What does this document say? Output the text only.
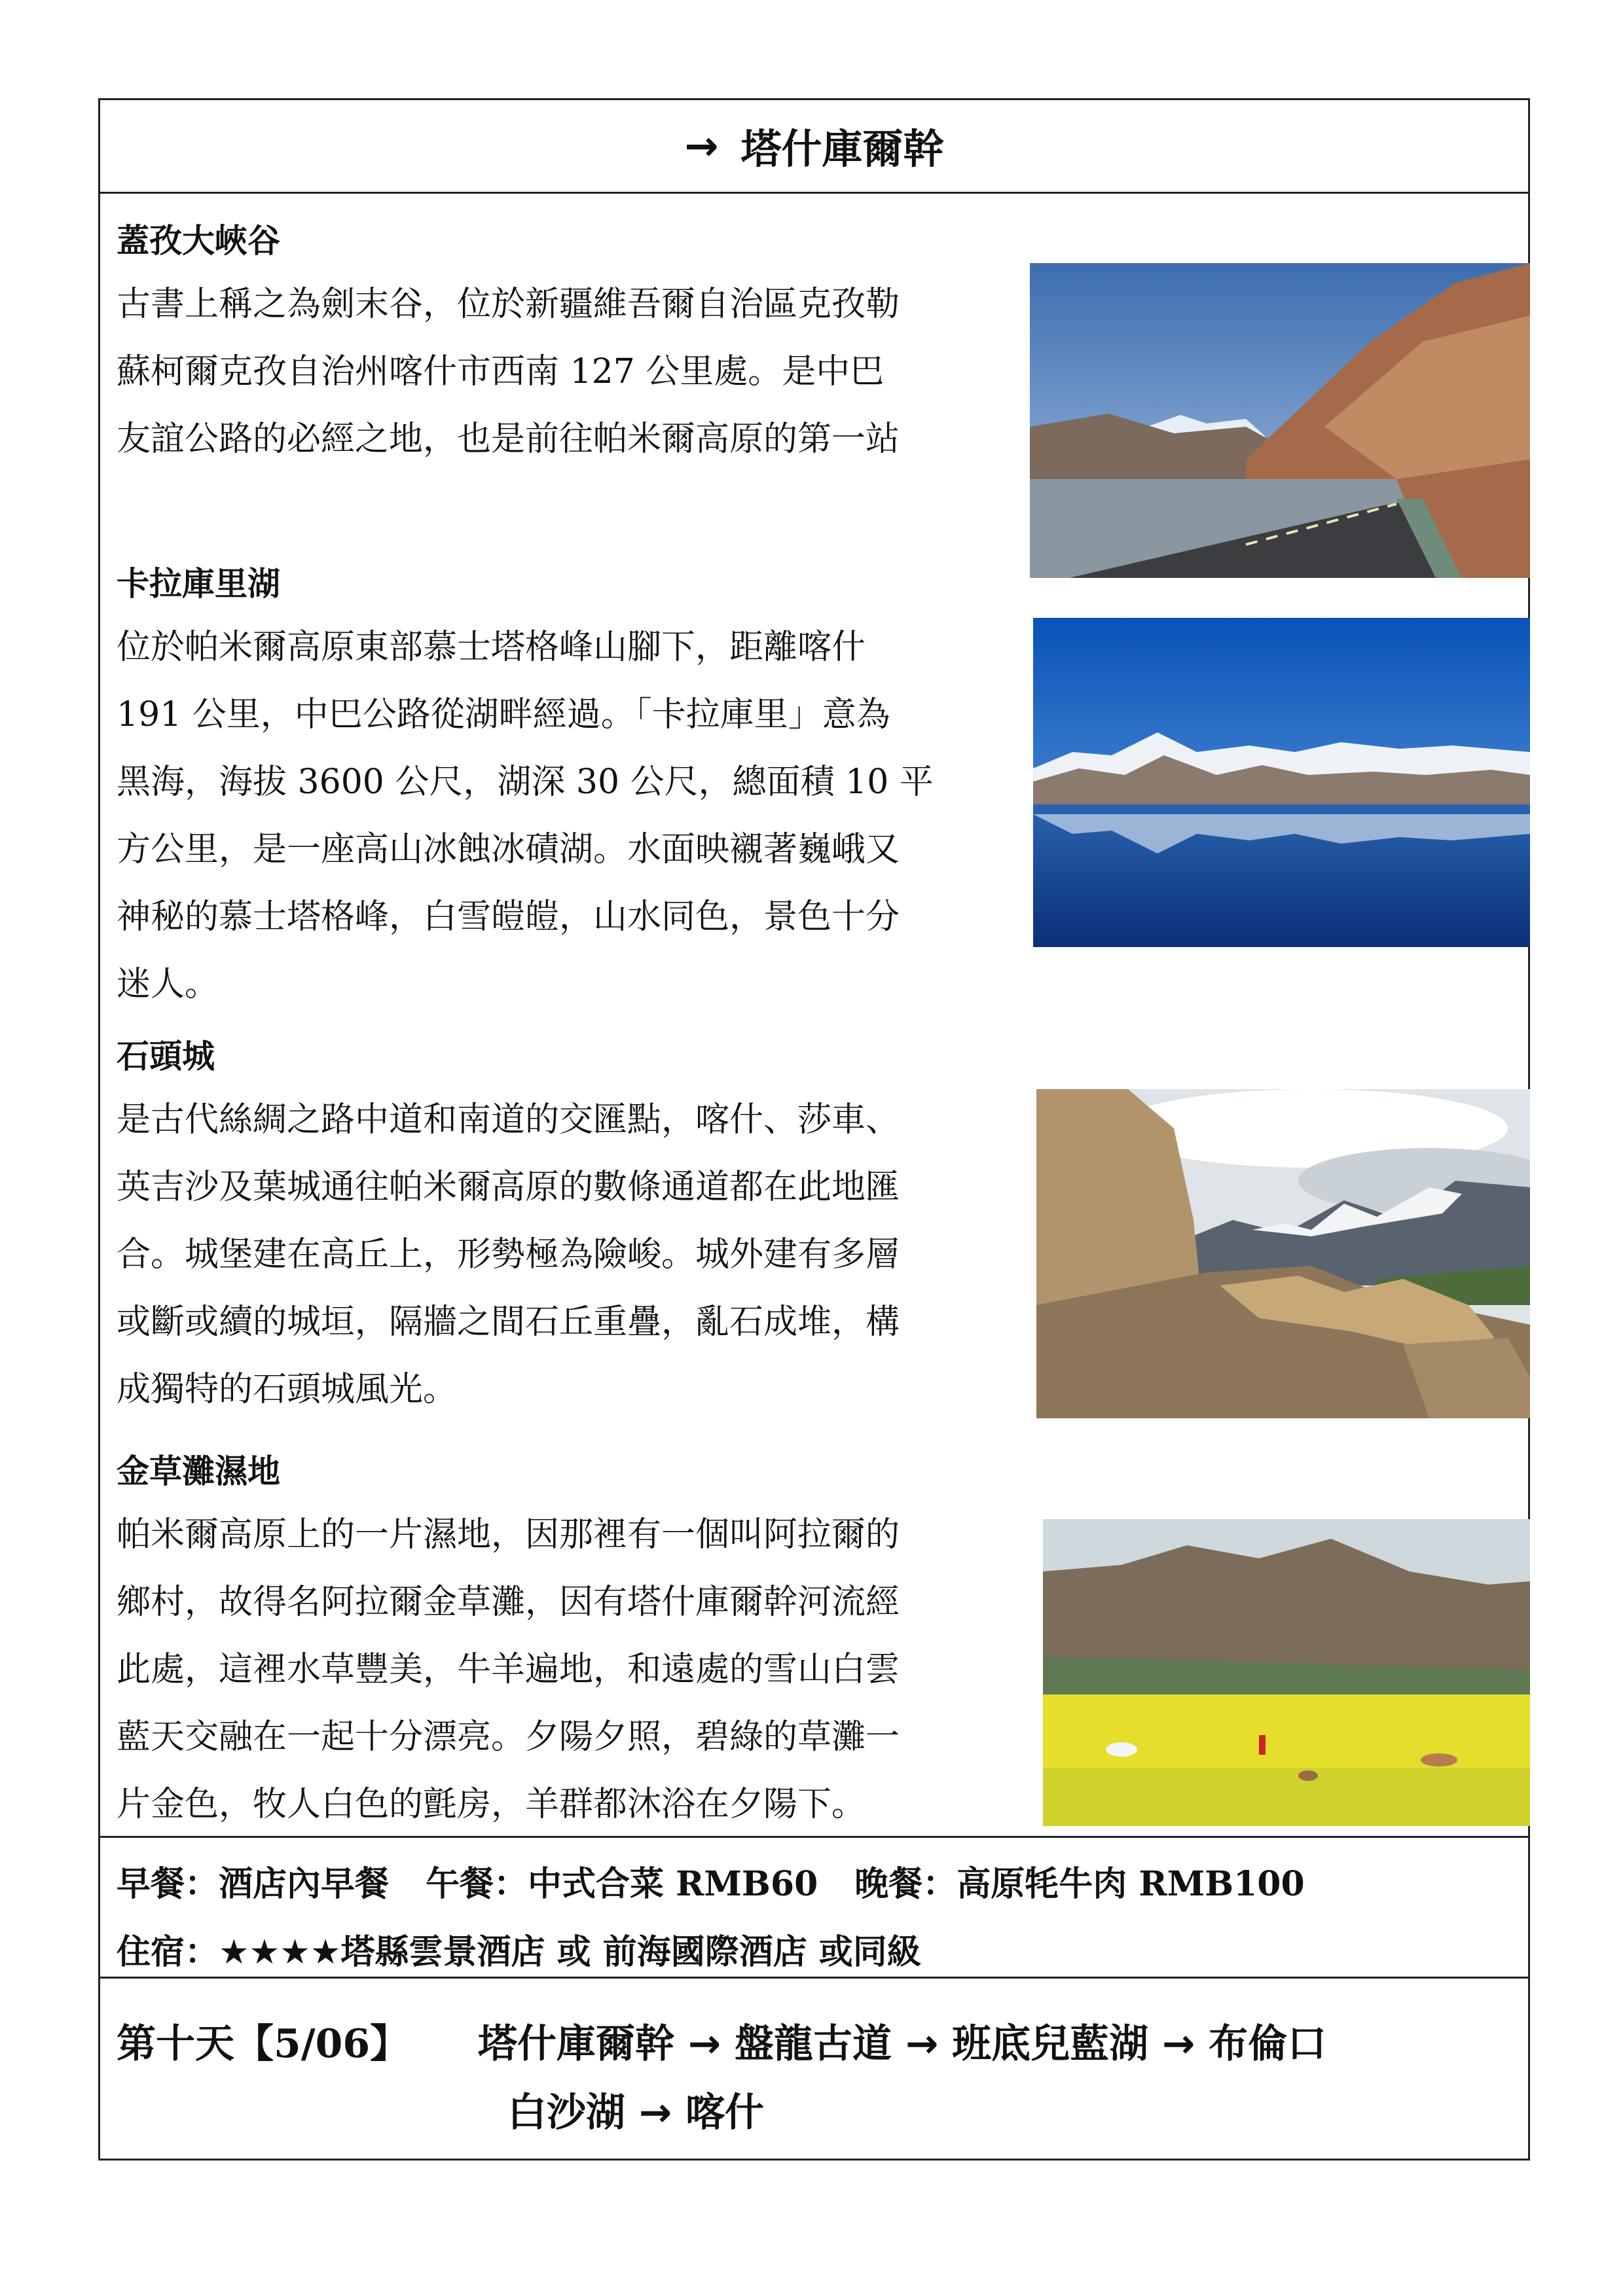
→ 塔什庫爾幹
蓋孜大峽谷
古書上稱之為劍末谷，位於新疆維吾爾自治區克孜勒
蘇柯爾克孜自治州喀什市西南 127 公里處。是中巴
友誼公路的必經之地，也是前往帕米爾高原的第一站
卡拉庫里湖
位於帕米爾高原東部慕士塔格峰山腳下，距離喀什
191 公里，中巴公路從湖畔經過。「卡拉庫里」意為
黑海，海拔 3600 公尺，湖深 30 公尺，總面積 10 平
方公里，是一座高山冰蝕冰磧湖。水面映襯著巍峨又
神秘的慕士塔格峰，白雪皚皚，山水同色，景色十分
迷人。
石頭城
是古代絲綢之路中道和南道的交匯點，喀什、莎車、
英吉沙及葉城通往帕米爾高原的數條通道都在此地匯
合。城堡建在高丘上，形勢極為險峻。城外建有多層
或斷或續的城垣，隔牆之間石丘重疊，亂石成堆，構
成獨特的石頭城風光。
金草灘濕地
帕米爾高原上的一片濕地，因那裡有一個叫阿拉爾的
鄉村，故得名阿拉爾金草灘，因有塔什庫爾幹河流經
此處，這裡水草豐美，牛羊遍地，和遠處的雪山白雲
藍天交融在一起十分漂亮。夕陽夕照，碧綠的草灘一
片金色，牧人白色的氈房，羊群都沐浴在夕陽下。
早餐：酒店內早餐 午餐：中式合菜 RMB60 晚餐：高原牦牛肉 RMB100
住宿：★★★★塔縣雲景酒店 或 前海國際酒店 或同級
第十天【5/06】 塔什庫爾幹 → 盤龍古道 → 班底兒藍湖 → 布倫口
白沙湖 → 喀什
